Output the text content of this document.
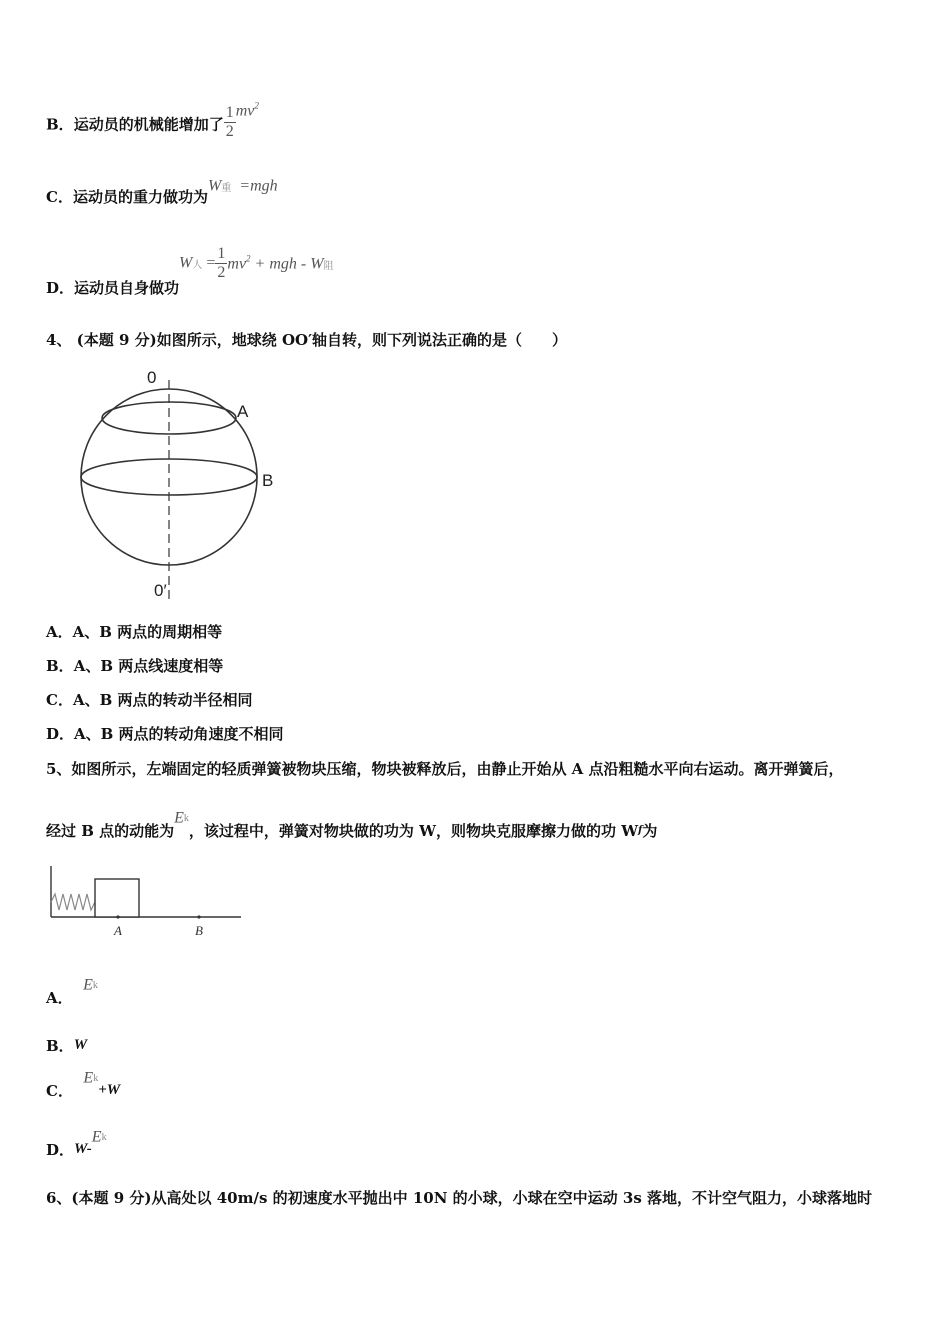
B．运动员的机械能增加了 $\frac{1}{2} mv^2$
C．运动员的重力做功为W重 =mgh
D．运动员自身做功W人 = $\frac{1}{2} mv^2$ + mgh - W阻
4、 (本题 9 分)如图所示，地球绕 OO′轴自转，则下列说法正确的是（　　）
0
A
B
0′
A．A、B 两点的周期相等
B．A、B 两点线速度相等
C．A、B 两点的转动半径相同
D．A、B 两点的转动角速度不相同
5、如图所示，左端固定的轻质弹簧被物块压缩，物块被释放后，由静止开始从 A 点沿粗糙水平向右运动。离开弹簧后，
经过 B 点的动能为Ek，该过程中，弹簧对物块做的功为 W，则物块克服摩擦力做的功 $W_f$为
A	B
A．  Ek
B．W
C．  Ek+W
D．W-Ek
6、(本题 9 分)从高处以 40m/s 的初速度水平抛出中 10N 的小球，小球在空中运动 3s 落地，不计空气阻力，小球落地时
